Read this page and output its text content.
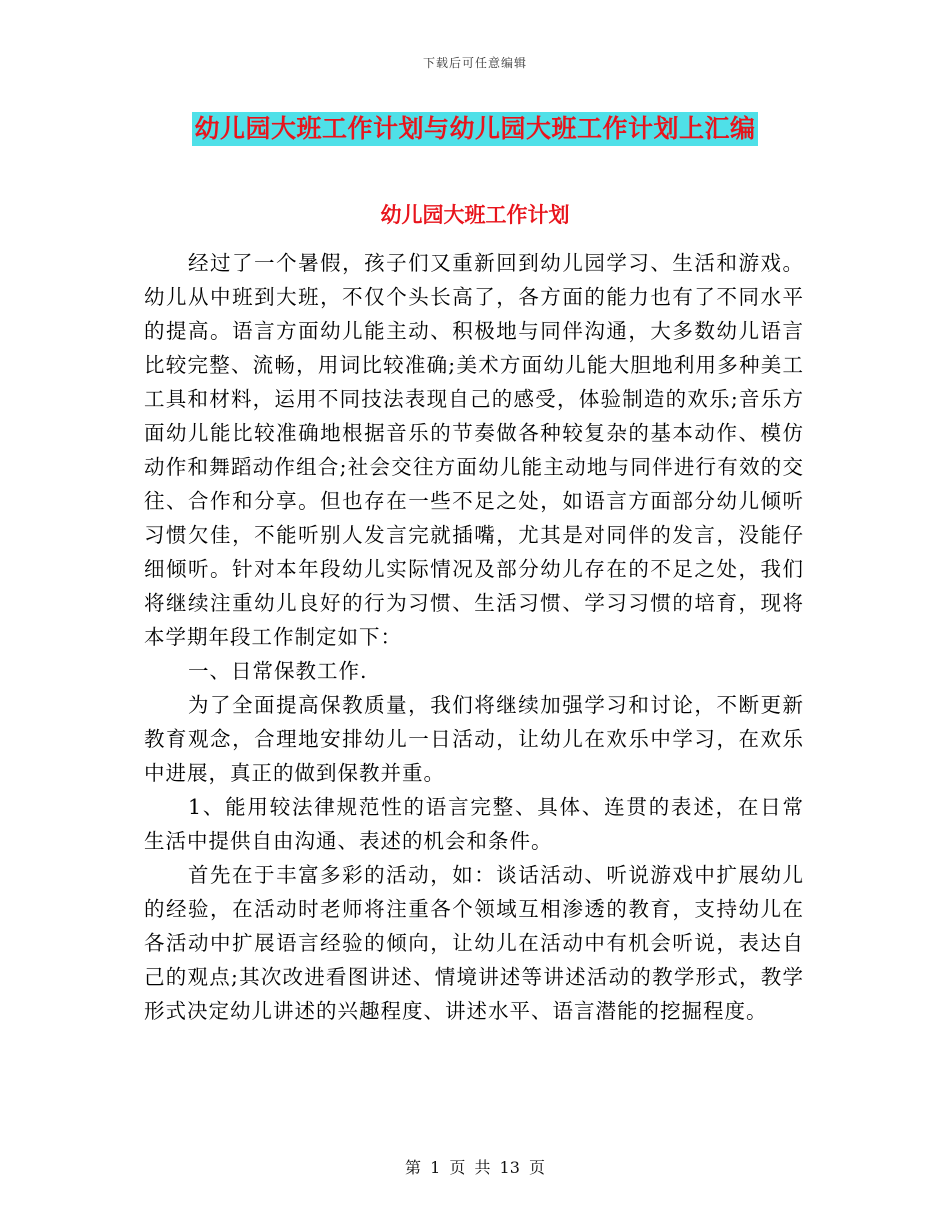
下载后可任意编辑
幼儿园大班工作计划与幼儿园大班工作计划上汇编
幼儿园大班工作计划

经过了一个暑假，孩子们又重新回到幼儿园学习、生活和游戏。幼儿从中班到大班，不仅个头长高了，各方面的能力也有了不同水平的提高。语言方面幼儿能主动、积极地与同伴沟通，大多数幼儿语言比较完整、流畅，用词比较准确;美术方面幼儿能大胆地利用多种美工工具和材料，运用不同技法表现自己的感受，体验制造的欢乐;音乐方面幼儿能比较准确地根据音乐的节奏做各种较复杂的基本动作、模仿动作和舞蹈动作组合;社会交往方面幼儿能主动地与同伴进行有效的交往、合作和分享。但也存在一些不足之处，如语言方面部分幼儿倾听习惯欠佳，不能听别人发言完就插嘴，尤其是对同伴的发言，没能仔细倾听。针对本年段幼儿实际情况及部分幼儿存在的不足之处，我们将继续注重幼儿良好的行为习惯、生活习惯、学习习惯的培育，现将本学期年段工作制定如下：

一、日常保教工作.

为了全面提高保教质量，我们将继续加强学习和讨论，不断更新教育观念，合理地安排幼儿一日活动，让幼儿在欢乐中学习，在欢乐中进展，真正的做到保教并重。

1、能用较法律规范性的语言完整、具体、连贯的表述，在日常生活中提供自由沟通、表述的机会和条件。

首先在于丰富多彩的活动，如：谈话活动、听说游戏中扩展幼儿的经验，在活动时老师将注重各个领域互相渗透的教育，支持幼儿在各活动中扩展语言经验的倾向，让幼儿在活动中有机会听说，表达自己的观点;其次改进看图讲述、情境讲述等讲述活动的教学形式，教学形式决定幼儿讲述的兴趣程度、讲述水平、语言潜能的挖掘程度。

第 1 页 共 13 页
